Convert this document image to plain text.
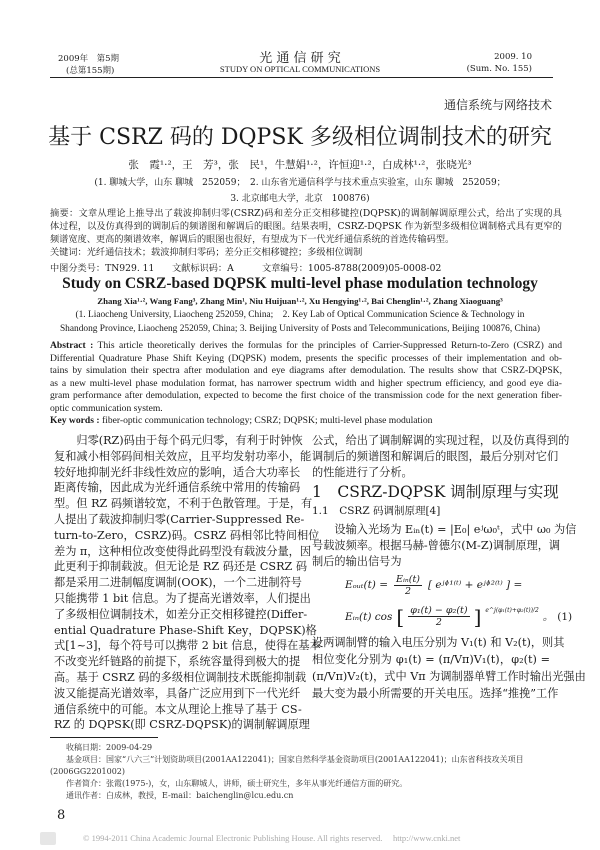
2009年　第5期
(总第155期)
光 通 信 研 究
STUDY ON OPTICAL COMMUNICATIONS
2009. 10
(Sum. No. 155)
通信系统与网络技术
基于 CSRZ 码的 DQPSK 多级相位调制技术的研究
张　霞¹·²，王　芳³，张　民¹，牛慧娟¹·²，许恒迎¹·²，白成林¹·²，张晓光³
(1. 聊城大学，山东 聊城　252059；　2. 山东省光通信科学与技术重点实验室，山东 聊城　252059；
3. 北京邮电大学，北京　100876)
摘要：文章从理论上推导出了载波抑制归零(CSRZ)码和差分正交相移键控(DQPSK)的调制解调原理公式，给出了实现的具
体过程，以及仿真得到的调制后的频谱图和解调后的眼图。结果表明，CSRZ-DQPSK 作为新型多级相位调制格式具有更窄的
频谱宽度、更高的频谱效率，解调后的眼图也很好，有望成为下一代光纤通信系统的首选传输码型。
关键词：光纤通信技术；载波抑制归零码；差分正交相移键控；多级相位调制
中图分类号：TN929. 11 文献标识码：A	文章编号：1005-8788(2009)05-0008-02
Study on CSRZ-based DQPSK multi-level phase modulation technology
Zhang Xia¹·², Wang Fang³, Zhang Min¹, Niu Huijuan¹·², Xu Hengying¹·², Bai Chenglin¹·², Zhang Xiaoguang³
(1. Liaocheng University, Liaocheng 252059, China;　2. Key Lab of Optical Communication Science & Technology in
Shandong Province, Liaocheng 252059, China; 3. Beijing University of Posts and Telecommunications, Beijing 100876, China)
Abstract : This article theoretically derives the formulas for the principles of Carrier-Suppressed Return-to-Zero (CSRZ) and
Differential Quadrature Phase Shift Keying (DQPSK) modem, presents the specific processes of their implementation and ob-
tains by simulation their spectra after modulation and eye diagrams after demodulation. The results show that CSRZ-DQPSK,
as a new multi-level phase modulation format, has narrower spectrum width and higher spectrum efficiency, and good eye dia-
gram performance after demodulation, expected to become the first choice of the transmission code for the next generation fiber-
optic communication system.
Key words : fiber-optic communication technology; CSRZ; DQPSK; multi-level phase modulation
　　归零(RZ)码由于每个码元归零，有利于时钟恢
复和减小相邻码间相关效应，且平均发射功率小，能
较好地抑制光纤非线性效应的影响，适合大功率长
距离传输，因此成为光纤通信系统中常用的传输码
型。但 RZ 码频谱较宽，不利于色散管理。于是，有
人提出了载波抑制归零(Carrier-Suppressed Re-
turn-to-Zero，CSRZ)码。CSRZ 码相邻比特间相位
差为 π，这种相位改变使得此码型没有载波分量，因
此更利于抑制载波。但无论是 RZ 码还是 CSRZ 码
都是采用二进制幅度调制(OOK)，一个二进制符号
只能携带 1 bit 信息。为了提高光谱效率，人们提出
了多级相位调制技术，如差分正交相移键控(Differ-
ential Quadrature Phase-Shift Key，DQPSK)格
式[1~3]，每个符号可以携带 2 bit 信息，使得在基本
不改变光纤链路的前提下，系统容量得到极大的提
高。基于 CSRZ 码的多级相位调制技术既能抑制载
波又能提高光谱效率，具备广泛应用到下一代光纤
通信系统中的可能。本文从理论上推导了基于 CS-
RZ 的 DQPSK(即 CSRZ-DQPSK)的调制解调原理
公式，给出了调制解调的实现过程，以及仿真得到的
调制后的频谱图和解调后的眼图，最后分别对它们
的性能进行了分析。
　　设输入光场为 Eᵢₙ(t) = |E₀| eʲω₀ᵗ，式中 ω₀ 为信
号载波频率。根据马赫-曾德尔(M-Z)调制原理，调
制后的输出信号为
设两调制臂的输入电压分别为 V₁(t) 和 V₂(t)，则其
相位变化分别为 φ₁(t) = (π/Vπ)V₁(t)，φ₂(t) =
(π/Vπ)V₂(t)，式中 Vπ 为调制器单臂工作时输出光强由
最大变为最小所需要的开关电压。选择“推挽”工作
1　CSRZ-DQPSK 调制原理与实现
1.1　CSRZ 码调制原理[4]
Eₒᵤₜ(t) = Eᵢₙ(t)
2 [ eʲᶲ¹⁽ᵗ⁾ + eʲᶲ²⁽ᵗ⁾ ] =
Eᵢₙ(t) cos [ $\frac{\text{φ₁(t) − φ₂(t)}}{2}$ ] e^j(φ₁(t)+φ₂(t))/2 。 (1)
　　收稿日期：2009-04-29
　　基金项目：国家“八六三”计划资助项目(2001AA122041)；国家自然科学基金资助项目(2001AA122041)；山东省科技攻关项目
(2006GG2201002)
　　作者简介：张霞(1975-)，女，山东聊城人，讲师，硕士研究生，多年从事光纤通信方面的研究。
　　通讯作者：白成林，教授，E-mail：baichenglin@lcu.edu.cn
8
© 1994-2011 China Academic Journal Electronic Publishing House. All rights reserved.　 http://www.cnki.net
